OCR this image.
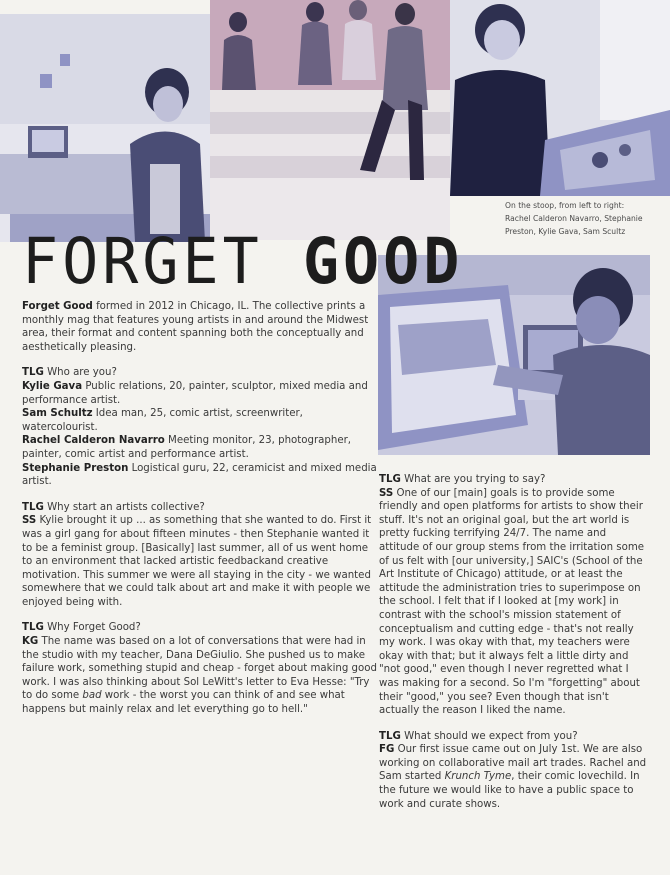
On the stoop, from left to right:
Rachel Calderon Navarro, Stephanie Preston, Kylie Gava, Sam Scultz
FORGET GOOD

Forget Good formed in 2012 in Chicago, IL. The collective prints a monthly mag that features young artists in and around the Midwest area, their format and content spanning both the conceptually and aesthetically pleasing.

TLG Who are you?
Kylie Gava Public relations, 20, painter, sculptor, mixed media and performance artist.
Sam Schultz Idea man, 25, comic artist, screenwriter, watercolourist.
Rachel Calderon Navarro Meeting monitor, 23, photographer, painter, comic artist and performance artist.
Stephanie Preston Logistical guru, 22, ceramicist and mixed media artist.

TLG Why start an artists collective?
SS Kylie brought it up ... as something that she wanted to do. First it was a girl gang for about fifteen minutes - then Stephanie wanted it to be a feminist group. [Basically] last summer, all of us went home to an environment that lacked artistic feedbackand creative motivation. This summer we were all staying in the city - we wanted somewhere that we could talk about art and make it with people we enjoyed being with.

TLG Why Forget Good?
KG The name was based on a lot of conversations that were had in the studio with my teacher, Dana DeGiulio. She pushed us to make failure work, something stupid and cheap - forget about making good work. I was also thinking about Sol LeWitt's letter to Eva Hesse: "Try to do some bad work - the worst you can think of and see what happens but mainly relax and let everything go to hell."

TLG What are you trying to say?
SS One of our [main] goals is to provide some friendly and open platforms for artists to show their stuff. It's not an original goal, but the art world is pretty fucking terrifying 24/7. The name and attitude of our group stems from the irritation some of us felt with [our university,] SAIC's (School of the Art Institute of Chicago) attitude, or at least the attitude the administration tries to superimpose on the school. I felt that if I looked at [my work] in contrast with the school's mission statement of conceptualism and cutting edge - that's not really my work. I was okay with that, my teachers were okay with that; but it always felt a little dirty and "not good," even though I never regretted what I was making for a second. So I'm "forgetting" about their "good," you see? Even though that isn't actually the reason I liked the name.

TLG What should we expect from you?
FG Our first issue came out on July 1st. We are also working on collaborative mail art trades. Rachel and Sam started Krunch Tyme, their comic lovechild. In the future we would like to have a public space to work and curate shows.
